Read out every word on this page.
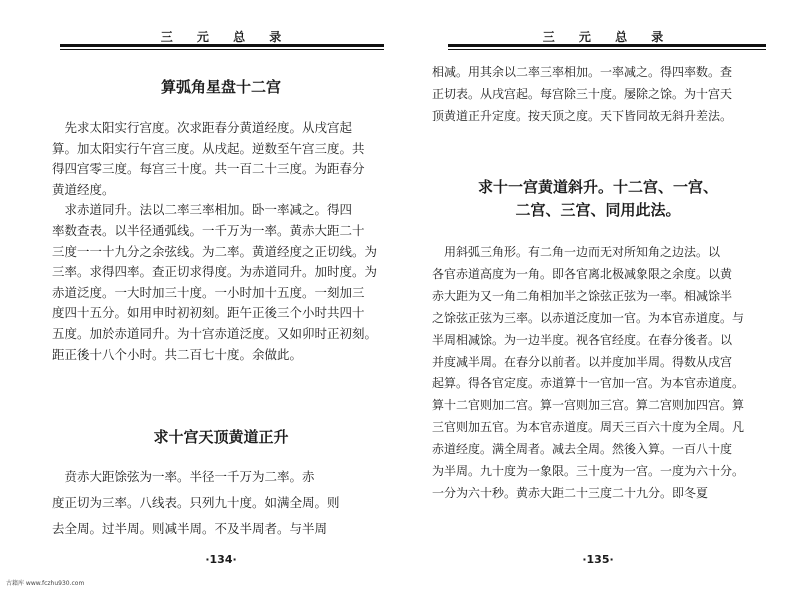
三 元 总 录
算弧角星盘十二宫
　先求太阳实行宫度。次求距春分黄道经度。从戌宫起
算。加太阳实行午宫三度。从戌起。逆数至午宫三度。共
得四宫零三度。每宫三十度。共一百二十三度。为距春分
黄道经度。
　求赤道同升。法以二率三率相加。卧一率减之。得四
率数查表。以半径通弧线。一千万为一率。黄赤大距二十
三度一一十九分之余弦线。为二率。黄道经度之正切线。为
三率。求得四率。查正切求得度。为赤道同升。加时度。为
赤道泛度。一大时加三十度。一小时加十五度。一刻加三
度四十五分。如用申时初初刻。距午正後三个小时共四十
五度。加於赤道同升。为十宫赤道泛度。又如卯时正初刻。
距正後十八个小时。共二百七十度。余做此。
求十宫天顶黄道正升
　贲赤大距馀弦为一率。半径一千万为二率。赤
度正切为三率。八线表。只列九十度。如满全周。则
去全周。过半周。则减半周。不及半周者。与半周
·134·
三 元 总 录
相减。用其余以二率三率相加。一率减之。得四率数。查
正切表。从戌宫起。每宫除三十度。屡除之馀。为十宫天
顶黄道正升定度。按天顶之度。天下皆同故无斜升差法。
求十一宫黄道斜升。十二宫、一宫、
二宫、三宫、同用此法。
　用斜弧三角形。有二角一边而无对所知角之边法。以
各官赤道高度为一角。即各官离北极减象限之余度。以黄
赤大距为又一角二角相加半之馀弦正弦为一率。相减馀半
之馀弦正弦为三率。以赤道泛度加一官。为本官赤道度。与
半周相减馀。为一边半度。视各官经度。在春分後者。以
并度减半周。在春分以前者。以并度加半周。得数从戌宫
起算。得各官定度。赤道算十一官加一宫。为本官赤道度。
算十二官则加二宫。算一宫则加三宫。算二宫则加四宫。算
三官则加五官。为本官赤道度。周天三百六十度为全周。凡
赤道经度。满全周者。减去全周。然後入算。一百八十度
为半周。九十度为一象限。三十度为一宫。一度为六十分。
一分为六十秒。黄赤大距二十三度二十九分。即冬夏
·135·
古籍库 www.fczhu930.com
